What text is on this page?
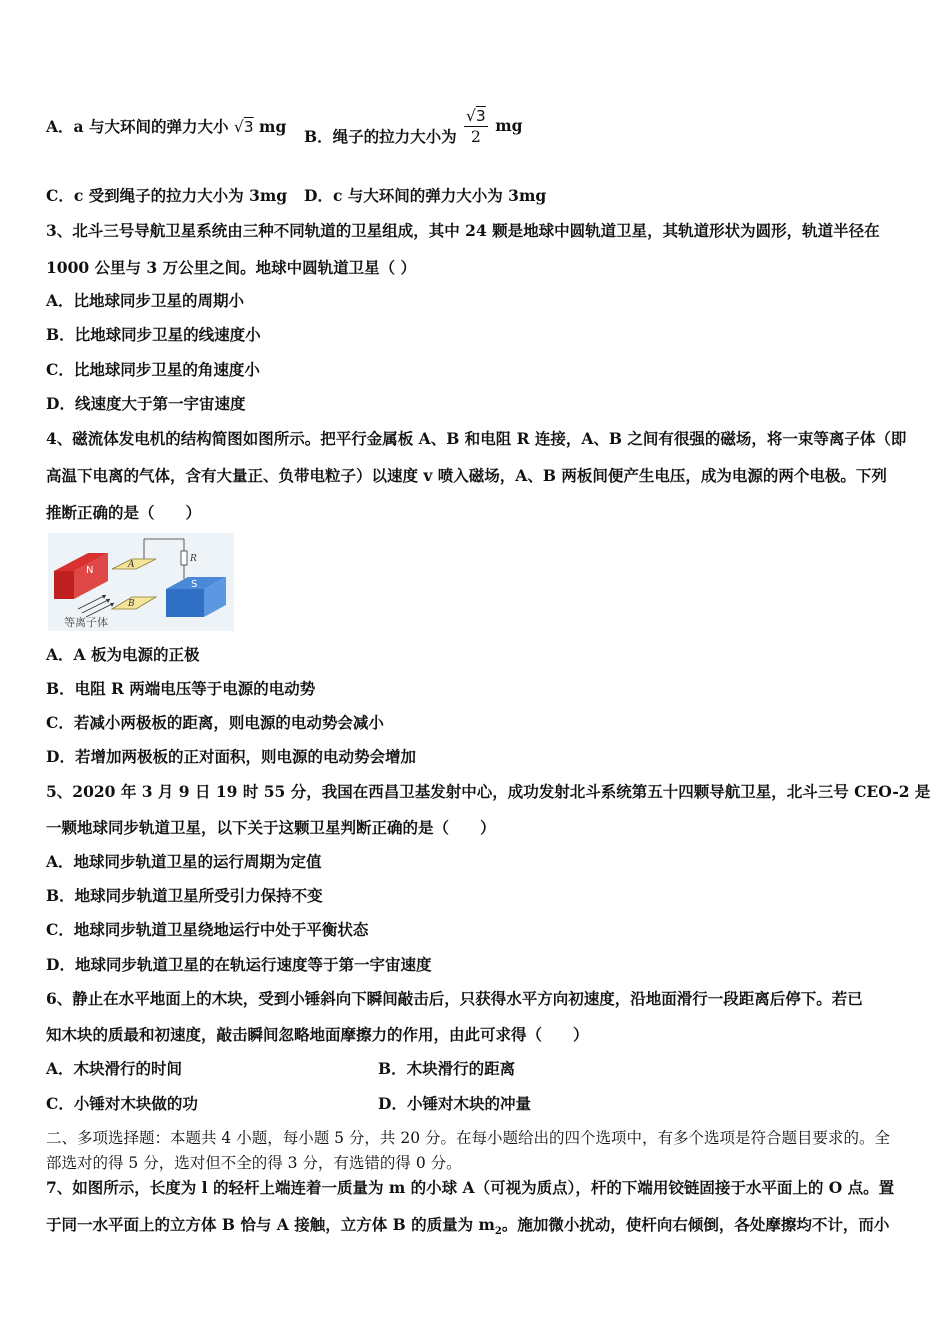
A．a 与大环间的弹力大小 √3 mg B．绳子的拉力大小为 $\frac{√3}{2}$ mg
C．c 受到绳子的拉力大小为 3mg D．c 与大环间的弹力大小为 3mg
3、北斗三号导航卫星系统由三种不同轨道的卫星组成，其中 24 颗是地球中圆轨道卫星，其轨道形状为圆形，轨道半径在
1000 公里与 3 万公里之间。地球中圆轨道卫星（ ）
A．比地球同步卫星的周期小
B．比地球同步卫星的线速度小
C．比地球同步卫星的角速度小
D．线速度大于第一宇宙速度
4、磁流体发电机的结构简图如图所示。把平行金属板 A、B 和电阻 R 连接，A、B 之间有很强的磁场，将一束等离子体（即
高温下电离的气体，含有大量正、负带电粒子）以速度 v 喷入磁场，A、B 两板间便产生电压，成为电源的两个电极。下列
推断正确的是（　　）
N	A
B
R
S
等离子体
A．A 板为电源的正极
B．电阻 R 两端电压等于电源的电动势
C．若减小两极板的距离，则电源的电动势会减小
D．若增加两极板的正对面积，则电源的电动势会增加
5、2020 年 3 月 9 日 19 时 55 分，我国在西昌卫基发射中心，成功发射北斗系统第五十四颗导航卫星，北斗三号 CEO-2 是
一颗地球同步轨道卫星，以下关于这颗卫星判断正确的是（　　）
A．地球同步轨道卫星的运行周期为定值
B．地球同步轨道卫星所受引力保持不变
C．地球同步轨道卫星绕地运行中处于平衡状态
D．地球同步轨道卫星的在轨运行速度等于第一宇宙速度
6、静止在水平地面上的木块，受到小锤斜向下瞬间敲击后，只获得水平方向初速度，沿地面滑行一段距离后停下。若已
知木块的质最和初速度，敲击瞬间忽略地面摩擦力的作用，由此可求得（　　）
A．木块滑行的时间	B．木块滑行的距离
C．小锤对木块做的功	D．小锤对木块的冲量
二、多项选择题：本题共 4 小题，每小题 5 分，共 20 分。在每小题给出的四个选项中，有多个选项是符合题目要求的。全
部选对的得 5 分，选对但不全的得 3 分，有选错的得 0 分。
7、如图所示，长度为 l 的轻杆上端连着一质量为 m 的小球 A（可视为质点），杆的下端用铰链固接于水平面上的 O 点。置
于同一水平面上的立方体 B 恰与 A 接触，立方体 B 的质量为 $m_2$。施加微小扰动，使杆向右倾倒，各处摩擦均不计，而小
